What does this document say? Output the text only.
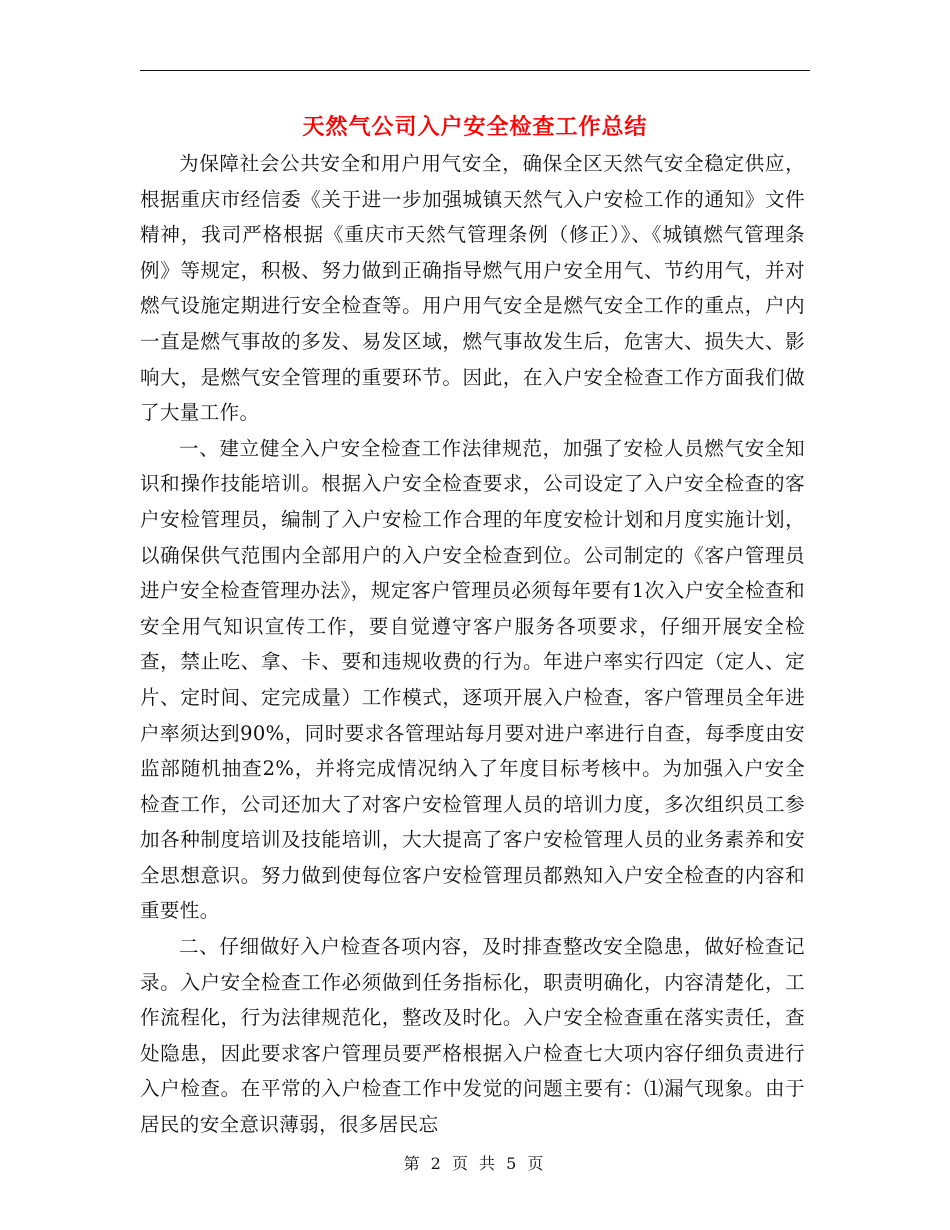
天然气公司入户安全检查工作总结

为保障社会公共安全和用户用气安全，确保全区天然气安全稳定供应，根据重庆市经信委《关于进一步加强城镇天然气入户安检工作的通知》文件精神，我司严格根据《重庆市天然气管理条例（修正）》、《城镇燃气管理条例》等规定，积极、努力做到正确指导燃气用户安全用气、节约用气，并对燃气设施定期进行安全检查等。用户用气安全是燃气安全工作的重点，户内一直是燃气事故的多发、易发区域，燃气事故发生后，危害大、损失大、影响大，是燃气安全管理的重要环节。因此，在入户安全检查工作方面我们做了大量工作。

一、建立健全入户安全检查工作法律规范，加强了安检人员燃气安全知识和操作技能培训。根据入户安全检查要求，公司设定了入户安全检查的客户安检管理员，编制了入户安检工作合理的年度安检计划和月度实施计划，以确保供气范围内全部用户的入户安全检查到位。公司制定的《客户管理员进户安全检查管理办法》，规定客户管理员必须每年要有1次入户安全检查和安全用气知识宣传工作，要自觉遵守客户服务各项要求，仔细开展安全检查，禁止吃、拿、卡、要和违规收费的行为。年进户率实行四定（定人、定片、定时间、定完成量）工作模式，逐项开展入户检查，客户管理员全年进户率须达到90%，同时要求各管理站每月要对进户率进行自查，每季度由安监部随机抽查2%，并将完成情况纳入了年度目标考核中。为加强入户安全检查工作，公司还加大了对客户安检管理人员的培训力度，多次组织员工参加各种制度培训及技能培训，大大提高了客户安检管理人员的业务素养和安全思想意识。努力做到使每位客户安检管理员都熟知入户安全检查的内容和重要性。

二、仔细做好入户检查各项内容，及时排查整改安全隐患，做好检查记录。入户安全检查工作必须做到任务指标化，职责明确化，内容清楚化，工作流程化，行为法律规范化，整改及时化。入户安全检查重在落实责任，查处隐患，因此要求客户管理员要严格根据入户检查七大项内容仔细负责进行入户检查。在平常的入户检查工作中发觉的问题主要有：⑴漏气现象。由于居民的安全意识薄弱，很多居民忘

第 2 页 共 5 页
